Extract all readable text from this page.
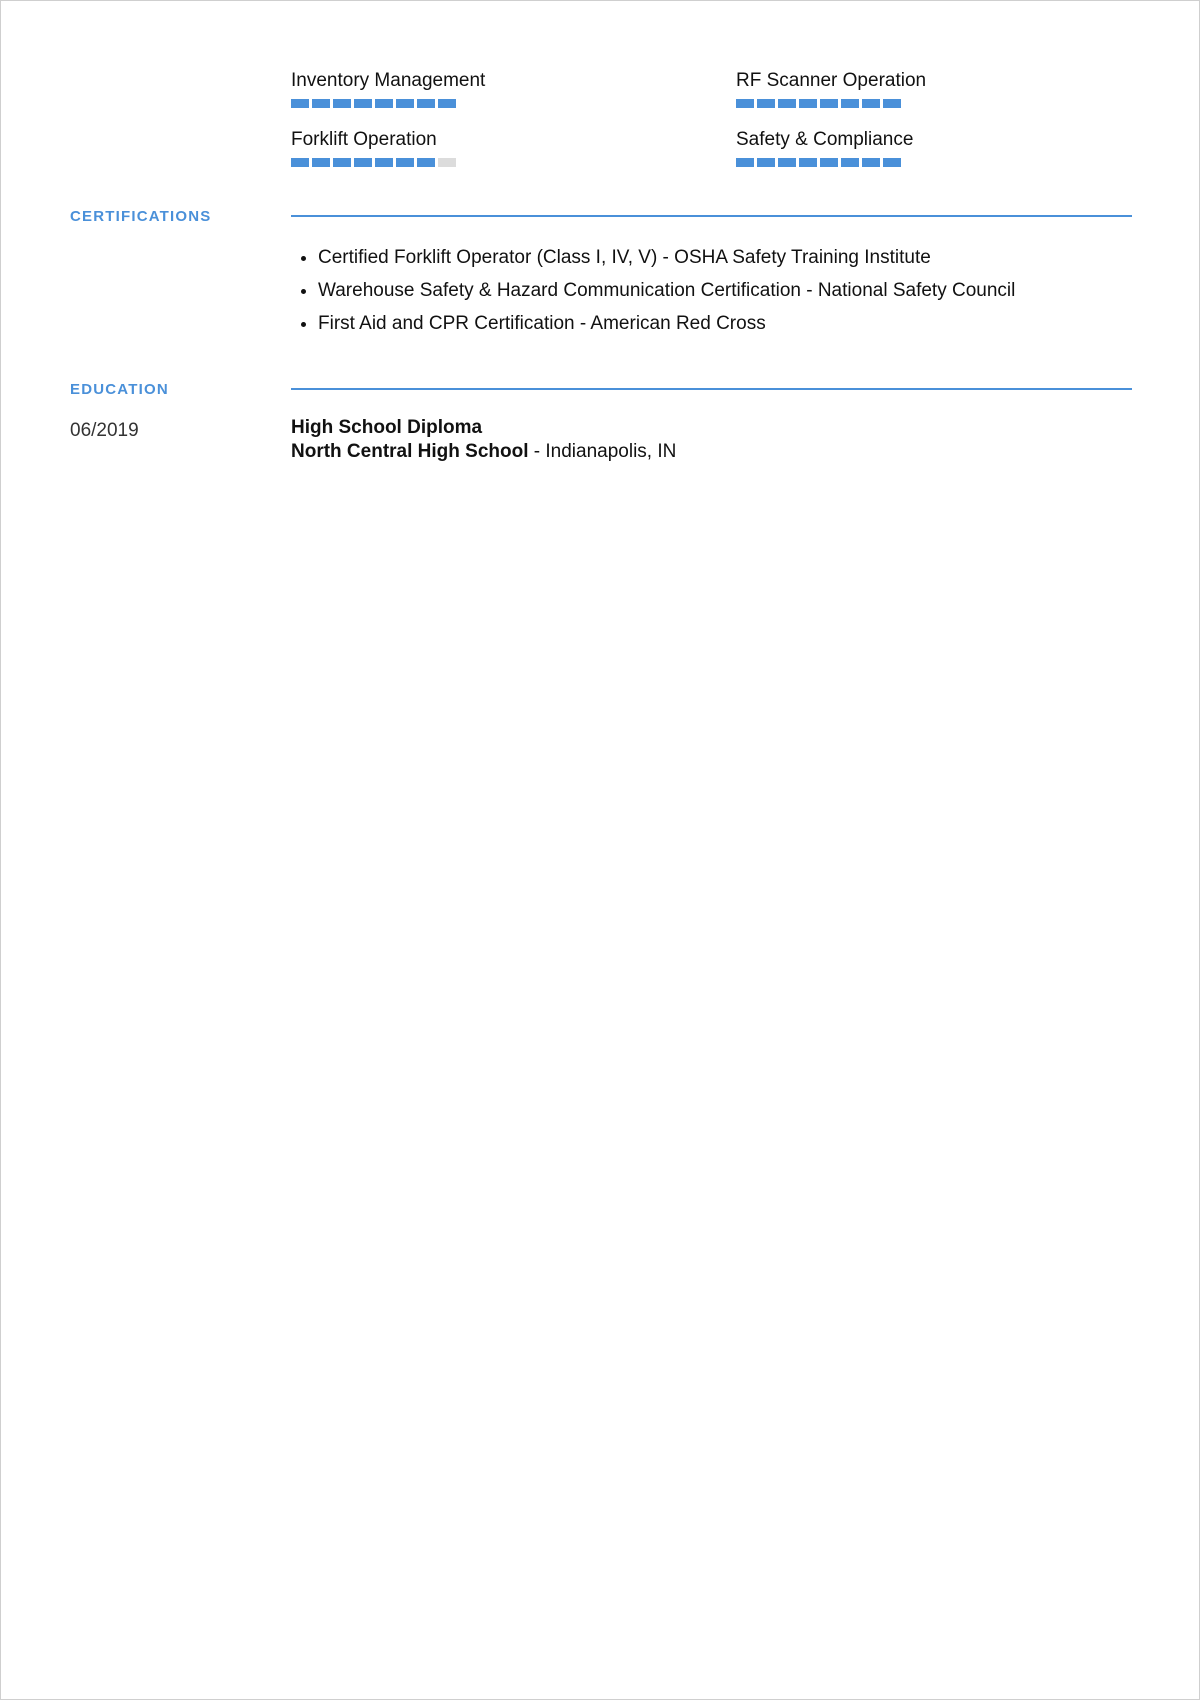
Inventory Management	RF Scanner Operation
Forklift Operation	Safety & Compliance
CERTIFICATIONS
• Certified Forklift Operator (Class I, IV, V) - OSHA Safety Training Institute
• Warehouse Safety & Hazard Communication Certification - National Safety Council
• First Aid and CPR Certification - American Red Cross
EDUCATION
06/2019	High School Diploma
North Central High School - Indianapolis, IN
